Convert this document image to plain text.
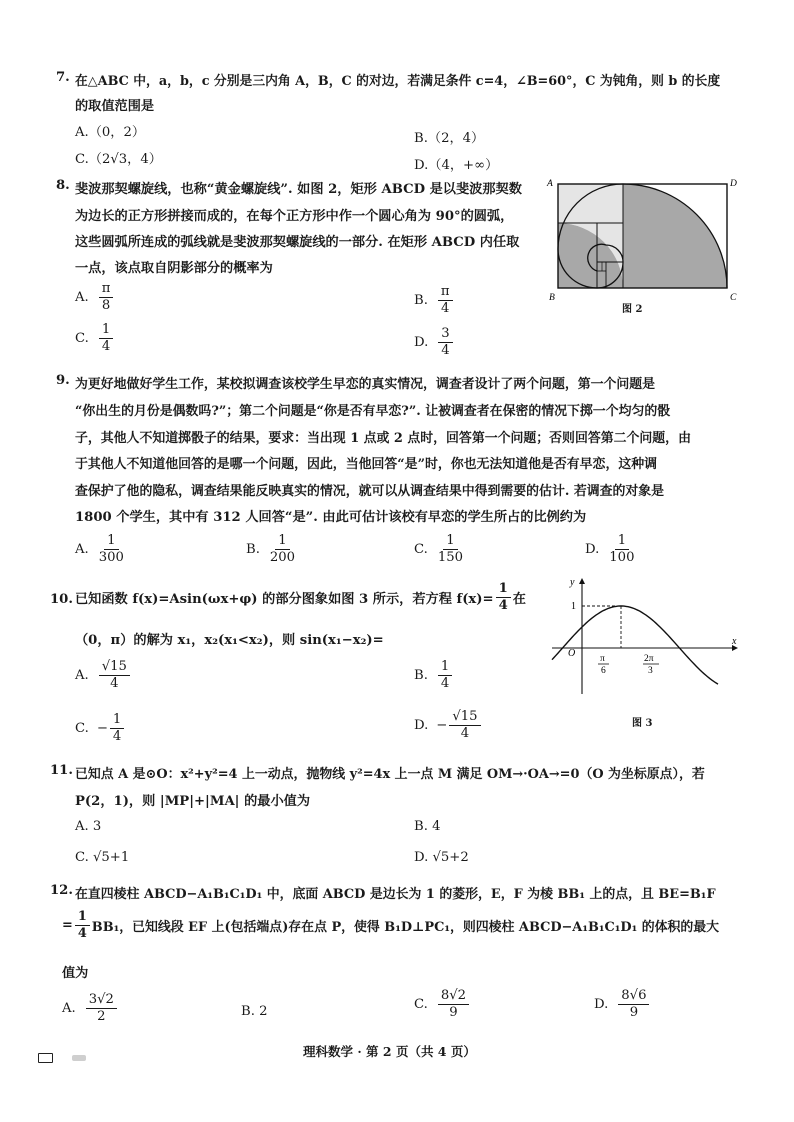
7. 在△ABC 中，a，b，c 分别是三内角 A，B，C 的对边，若满足条件 c=4，∠B=60°，C 为钝角，则 b 的长度
的取值范围是
A.（0，2）	B.（2，4）
C.（2√3，4）	D.（4，+∞）
8. 斐波那契螺旋线，也称“黄金螺旋线”. 如图 2，矩形 ABCD 是以斐波那契数
为边长的正方形拼接而成的，在每个正方形中作一个圆心角为 90°的圆弧，
这些圆弧所连成的弧线就是斐波那契螺旋线的一部分. 在矩形 ABCD 内任取
一点，该点取自阴影部分的概率为
A. $\frac{\pi}{8}$	B. $\frac{\pi}{4}$
C. $\frac{1}{4}$	D. $\frac{3}{4}$
A	D
B	C
图 2
9. 为更好地做好学生工作，某校拟调查该校学生早恋的真实情况，调查者设计了两个问题，第一个问题是
“你出生的月份是偶数吗?”；第二个问题是“你是否有早恋?”. 让被调查者在保密的情况下掷一个均匀的骰
子，其他人不知道掷骰子的结果，要求：当出现 1 点或 2 点时，回答第一个问题；否则回答第二个问题，由
于其他人不知道他回答的是哪一个问题，因此，当他回答“是”时，你也无法知道他是否有早恋，这种调
查保护了他的隐私，调查结果能反映真实的情况，就可以从调查结果中得到需要的估计. 若调查的对象是
1800 个学生，其中有 312 人回答“是”. 由此可估计该校有早恋的学生所占的比例约为
A. $\frac{1}{300}$	B. $\frac{1}{200}$	C. $\frac{1}{150}$	D. $\frac{1}{100}$
10. 已知函数 f(x)=Asin(ωx+φ) 的部分图象如图 3 所示，若方程 $f(x)= \frac{1}{4}$ 在
（0，π）的解为 x₁，x₂(x₁<x₂)，则 sin(x₁−x₂)=
A. $\frac{√15}{4}$	B. $\frac{1}{4}$
C. − $\frac{1}{4}$	D. − $\frac{√15}{4}$
y
x
O
1
π
6
2π
3
图 3
11. 已知点 A 是⊙O：x²+y²=4 上一动点，抛物线 y²=4x 上一点 M 满足 OM→·OA→=0（O 为坐标原点），若
P(2，1)，则 |MP|+|MA| 的最小值为
A. 3	B. 4
C. √5+1	D. √5+2
12. 在直四棱柱 ABCD−A₁B₁C₁D₁ 中，底面 ABCD 是边长为 1 的菱形，E，F 为棱 BB₁ 上的点，且 BE=B₁F
= $\frac{1}{4} BB_1$，已知线段 EF 上(包括端点)存在点 P，使得 B₁D⊥PC₁，则四棱柱 ABCD−A₁B₁C₁D₁ 的体积的最大
值为
A. $\frac{3√2}{2}$	B. 2	C. $\frac{8√2}{9}$	D. $\frac{8√6}{9}$
理科数学 · 第 2 页（共 4 页）
